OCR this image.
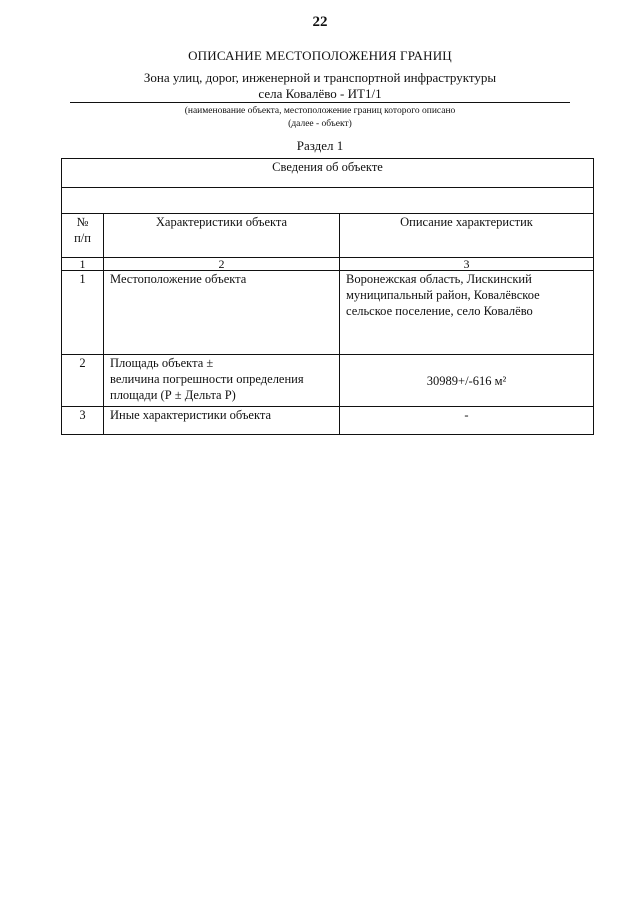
22
ОПИСАНИЕ МЕСТОПОЛОЖЕНИЯ ГРАНИЦ
Зона улиц, дорог, инженерной и транспортной инфраструктуры
села Ковалёво - ИТ1/1
(наименование объекта, местоположение границ которого описано
(далее - объект)
Раздел 1
Сведения об объекте		

№
п/п	Характеристики объекта	Описание характеристик
1	2	3
1	Местоположение объекта	Воронежская область, Лискинский
муниципальный район, Ковалёвское
сельское поселение, село Ковалёво
2	Площадь объекта ±
величина погрешности определения
площади (Р ± Дельта Р)	30989+/-616 м²
3	Иные характеристики объекта	-
